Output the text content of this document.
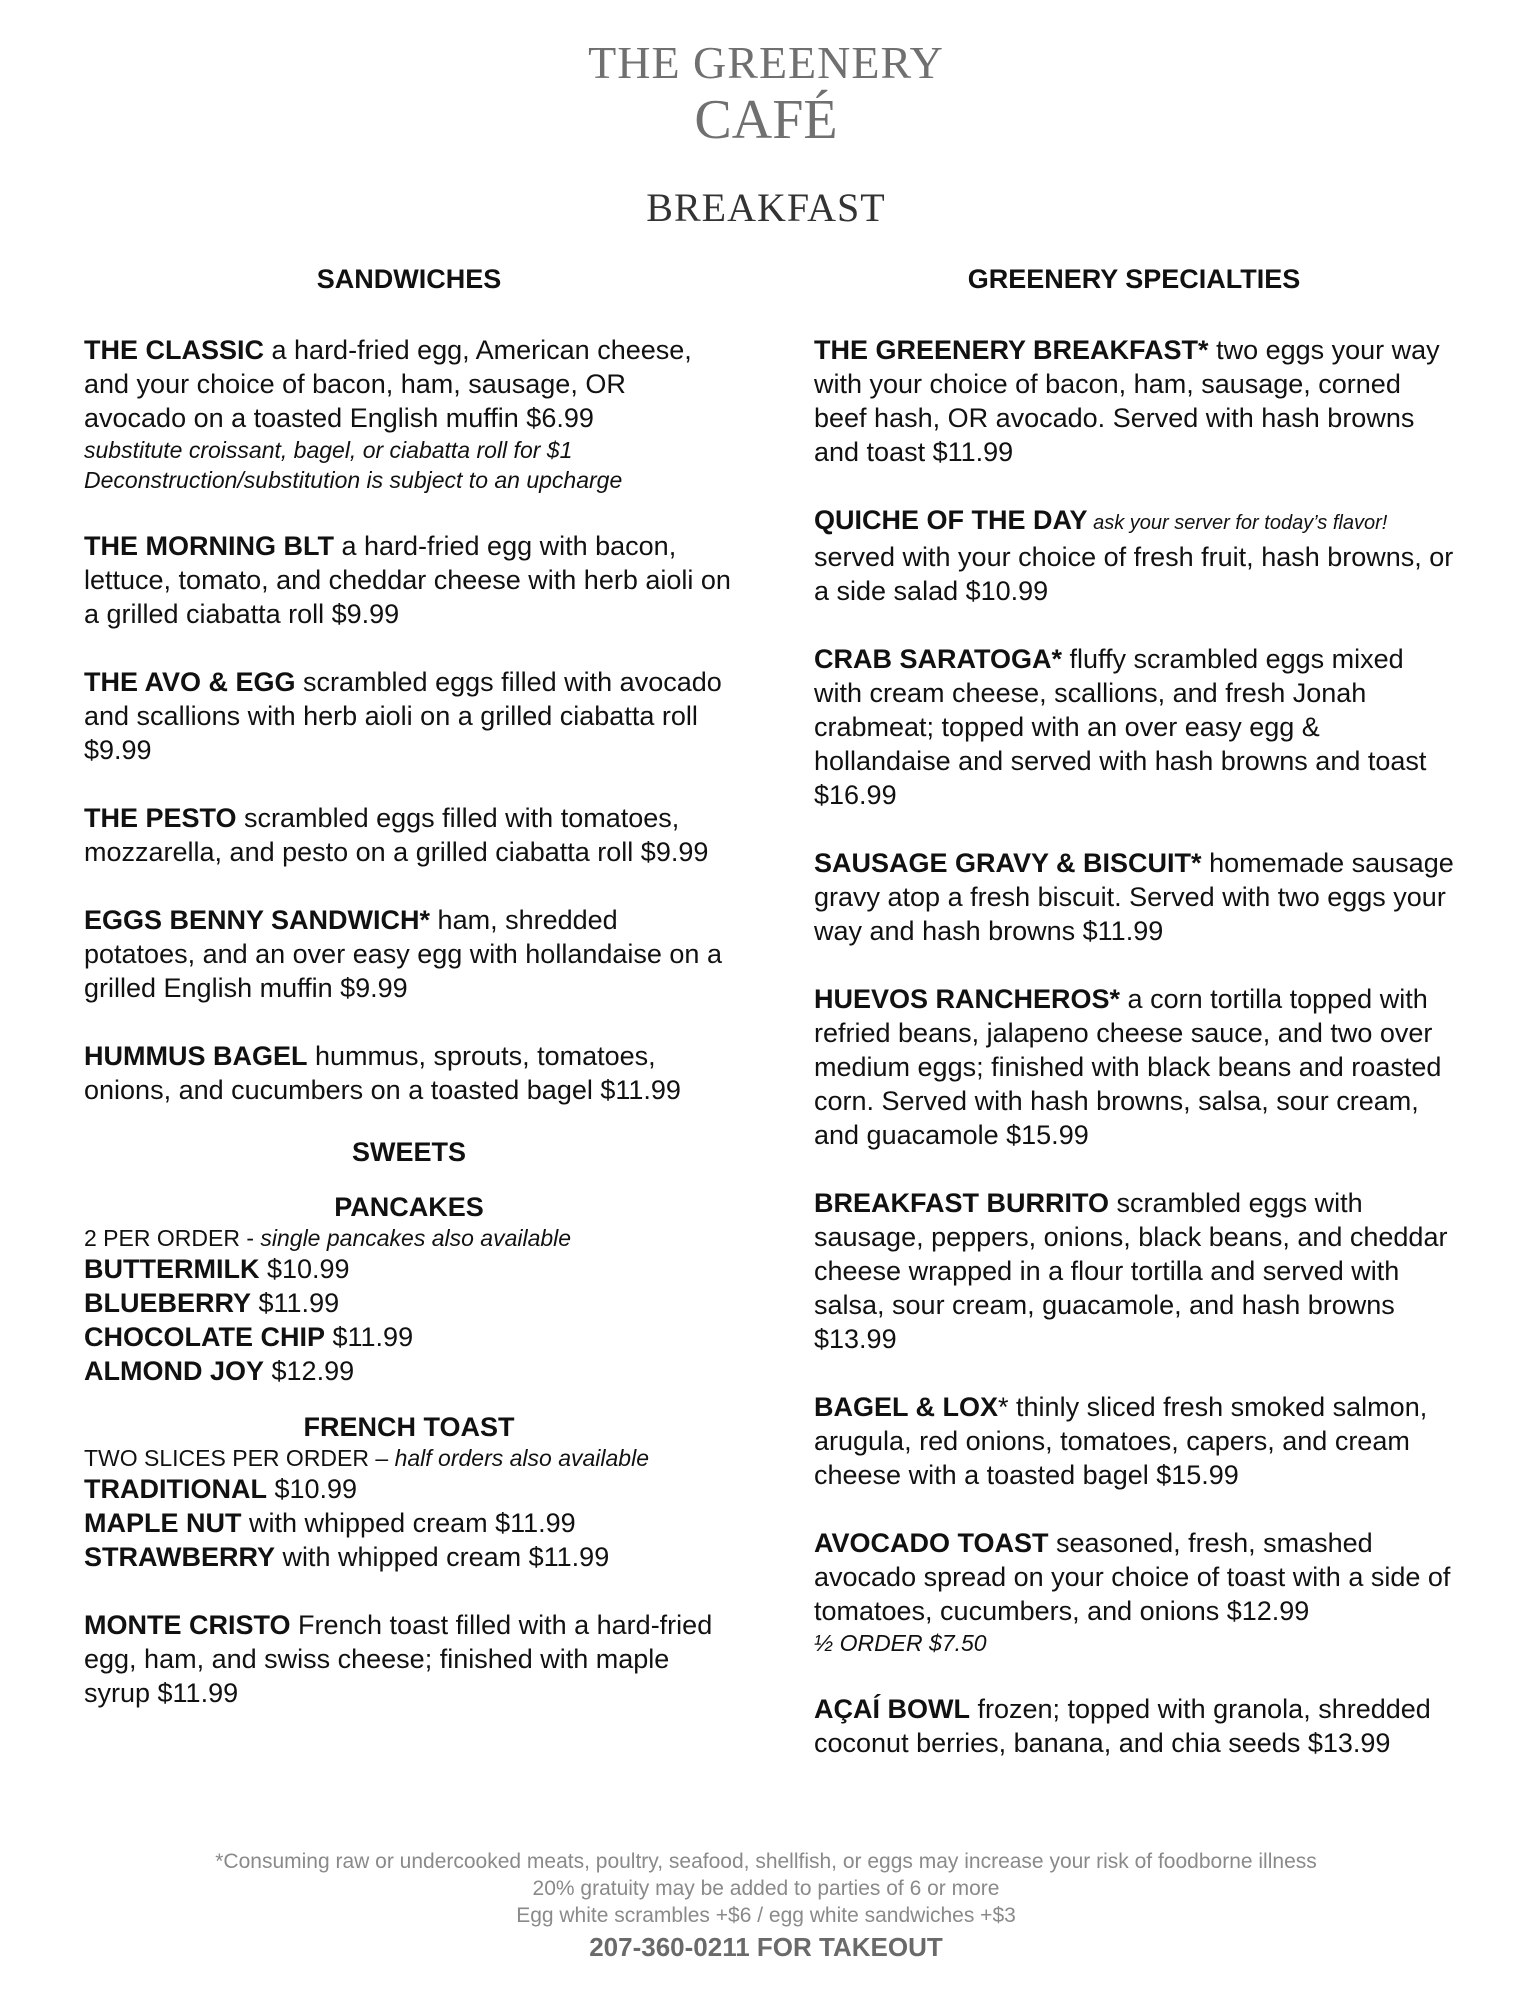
THE GREENERY
CAFÉ
BREAKFAST
SANDWICHES
THE CLASSIC a hard-fried egg, American cheese, and your choice of bacon, ham, sausage, OR avocado on a toasted English muffin $6.99
substitute croissant, bagel, or ciabatta roll for $1
Deconstruction/substitution is subject to an upcharge
THE MORNING BLT a hard-fried egg with bacon, lettuce, tomato, and cheddar cheese with herb aioli on a grilled ciabatta roll $9.99
THE AVO & EGG scrambled eggs filled with avocado and scallions with herb aioli on a grilled ciabatta roll $9.99
THE PESTO scrambled eggs filled with tomatoes, mozzarella, and pesto on a grilled ciabatta roll $9.99
EGGS BENNY SANDWICH* ham, shredded potatoes, and an over easy egg with hollandaise on a grilled English muffin $9.99
HUMMUS BAGEL hummus, sprouts, tomatoes, onions, and cucumbers on a toasted bagel $11.99
SWEETS
PANCAKES
2 PER ORDER - single pancakes also available
BUTTERMILK $10.99
BLUEBERRY $11.99
CHOCOLATE CHIP $11.99
ALMOND JOY $12.99
FRENCH TOAST
TWO SLICES PER ORDER – half orders also available
TRADITIONAL $10.99
MAPLE NUT with whipped cream $11.99
STRAWBERRY with whipped cream $11.99
MONTE CRISTO French toast filled with a hard-fried egg, ham, and swiss cheese; finished with maple syrup $11.99
GREENERY SPECIALTIES
THE GREENERY BREAKFAST* two eggs your way with your choice of bacon, ham, sausage, corned beef hash, OR avocado. Served with hash browns and toast $11.99
QUICHE OF THE DAY ask your server for today’s flavor! served with your choice of fresh fruit, hash browns, or a side salad $10.99
CRAB SARATOGA* fluffy scrambled eggs mixed with cream cheese, scallions, and fresh Jonah crabmeat; topped with an over easy egg & hollandaise and served with hash browns and toast $16.99
SAUSAGE GRAVY & BISCUIT* homemade sausage gravy atop a fresh biscuit. Served with two eggs your way and hash browns $11.99
HUEVOS RANCHEROS* a corn tortilla topped with refried beans, jalapeno cheese sauce, and two over medium eggs; finished with black beans and roasted corn. Served with hash browns, salsa, sour cream, and guacamole $15.99
BREAKFAST BURRITO scrambled eggs with sausage, peppers, onions, black beans, and cheddar cheese wrapped in a flour tortilla and served with salsa, sour cream, guacamole, and hash browns $13.99
BAGEL & LOX* thinly sliced fresh smoked salmon, arugula, red onions, tomatoes, capers, and cream cheese with a toasted bagel $15.99
AVOCADO TOAST seasoned, fresh, smashed avocado spread on your choice of toast with a side of tomatoes, cucumbers, and onions $12.99
½ ORDER $7.50
AÇAÍ BOWL frozen; topped with granola, shredded coconut berries, banana, and chia seeds $13.99
*Consuming raw or undercooked meats, poultry, seafood, shellfish, or eggs may increase your risk of foodborne illness
20% gratuity may be added to parties of 6 or more
Egg white scrambles +$6 / egg white sandwiches +$3
207-360-0211 FOR TAKEOUT
